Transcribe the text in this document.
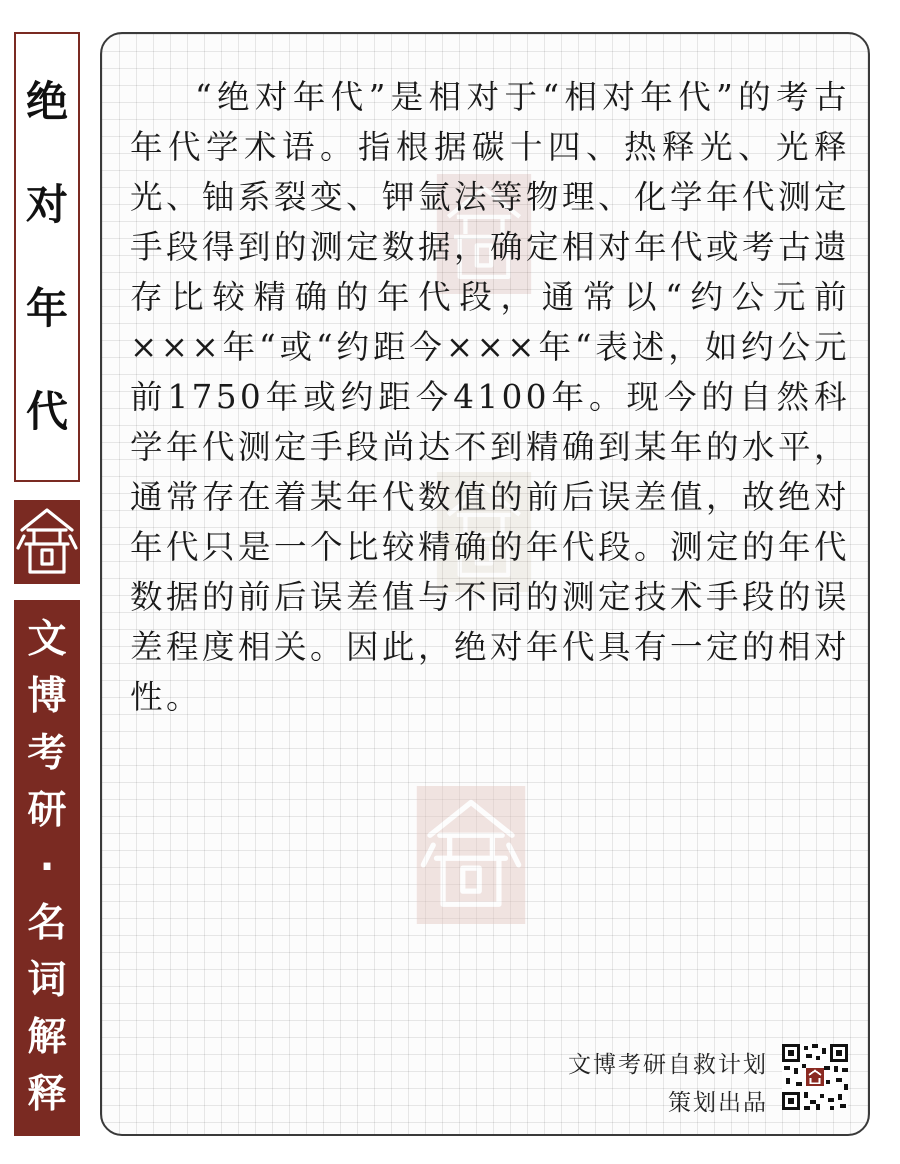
绝
对
年
代
文
博
考
研
·
名
词
解
释

“绝对年代”是相对于“相对年代”的考古年代学术语。指根据碳十四、热释光、光释光、铀系裂变、钾氩法等物理、化学年代测定手段得到的测定数据，确定相对年代或考古遗存比较精确的年代段，通常以“约公元前×××年“或“约距今×××年“表述，如约公元前1750年或约距今4100年。现今的自然科学年代测定手段尚达不到精确到某年的水平，通常存在着某年代数值的前后误差值，故绝对年代只是一个比较精确的年代段。测定的年代数据的前后误差值与不同的测定技术手段的误差程度相关。因此，绝对年代具有一定的相对性。

文博考研自救计划
策划出品
